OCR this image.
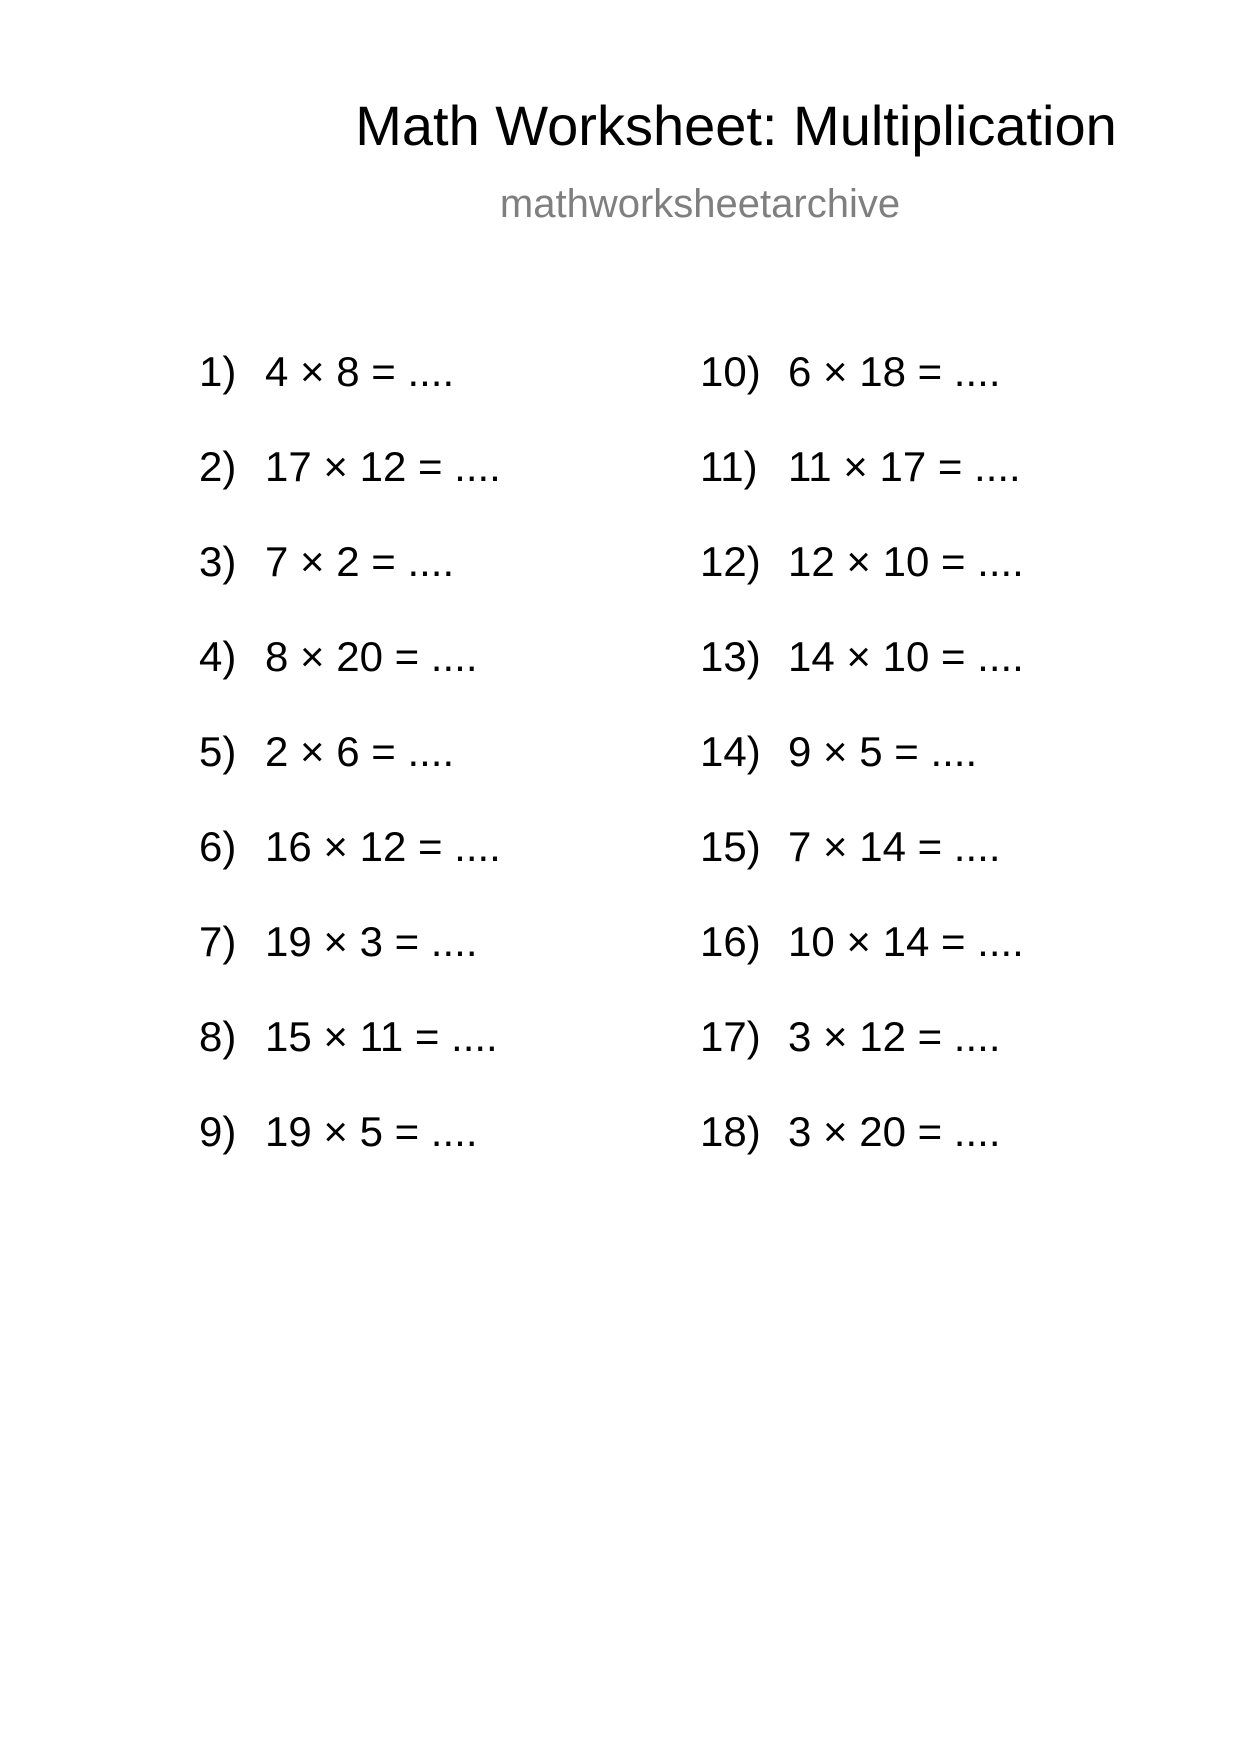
Math Worksheet: Multiplication
mathworksheetarchive
1) 4 × 8 = ....
2) 17 × 12 = ....
3) 7 × 2 = ....
4) 8 × 20 = ....
5) 2 × 6 = ....
6) 16 × 12 = ....
7) 19 × 3 = ....
8) 15 × 11 = ....
9) 19 × 5 = ....
10) 6 × 18 = ....
11) 11 × 17 = ....
12) 12 × 10 = ....
13) 14 × 10 = ....
14) 9 × 5 = ....
15) 7 × 14 = ....
16) 10 × 14 = ....
17) 3 × 12 = ....
18) 3 × 20 = ....
